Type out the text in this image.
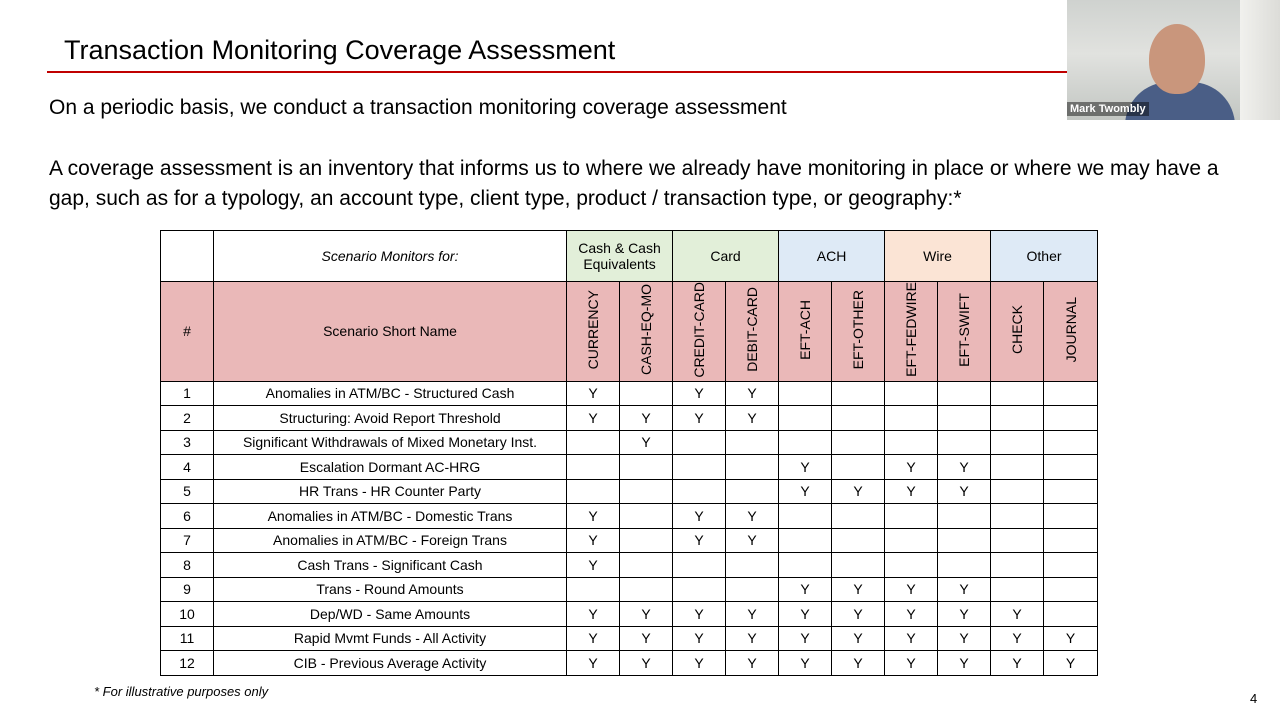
Transaction Monitoring Coverage Assessment

On a periodic basis, we conduct a transaction monitoring coverage assessment

A coverage assessment is an inventory that informs us to where we already have monitoring in place or where we may have a gap, such as for a typology, an account type, client type, product / transaction type, or geography:*

Mark Twombly
	Scenario Monitors for:	Cash & Cash Equivalents		Card		ACH		Wire		Other	
#	Scenario Short Name	CURRENCY	CASH-EQ-MO	CREDIT-CARD	DEBIT-CARD	EFT-ACH	EFT-OTHER	EFT-FEDWIRE	EFT-SWIFT	CHECK	JOURNAL
1	Anomalies in ATM/BC - Structured Cash	Y		Y	Y						
2	Structuring: Avoid Report Threshold	Y	Y	Y	Y						
3	Significant Withdrawals of Mixed Monetary Inst.		Y								
4	Escalation Dormant AC-HRG					Y		Y	Y		
5	HR Trans - HR Counter Party					Y	Y	Y	Y		
6	Anomalies in ATM/BC - Domestic Trans	Y		Y	Y						
7	Anomalies in ATM/BC - Foreign Trans	Y		Y	Y						
8	Cash Trans - Significant Cash	Y									
9	Trans - Round Amounts					Y	Y	Y	Y		
10	Dep/WD - Same Amounts	Y	Y	Y	Y	Y	Y	Y	Y	Y	
11	Rapid Mvmt Funds - All Activity	Y	Y	Y	Y	Y	Y	Y	Y	Y	Y
12	CIB - Previous Average Activity	Y	Y	Y	Y	Y	Y	Y	Y	Y	Y

* For illustrative purposes only	4
